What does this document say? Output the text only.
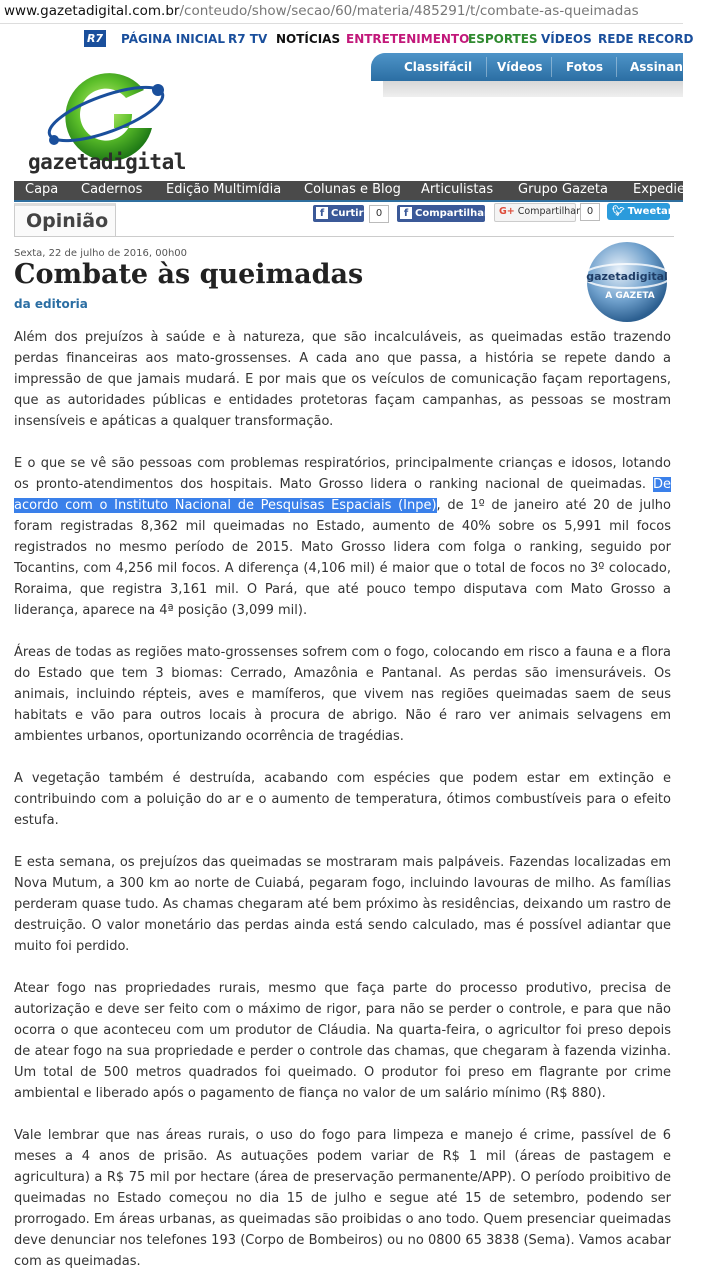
www.gazetadigital.com.br/conteudo/show/secao/60/materia/485291/t/combate-as-queimadas
R7 PÁGINA INICIAL R7 TV NOTÍCIAS ENTRETENIMENTO
ESPORTES VÍDEOS REDE RECORD
Classifácil Vídeos Fotos Assinante
gazetadigital
Capa Cadernos Edição Multimídia Colunas e Blog Articulistas Grupo Gazeta Expediente
Opinião	f Curtir	0	f Compartilhar	G+ Compartilhar 0	🐦︎ Tweetar
Sexta, 22 de julho de 2016, 00h00
Combate às queimadas
da editoria
gazetadigital
A GAZETA

Além dos prejuízos à saúde e à natureza, que são incalculáveis, as queimadas estão trazendo perdas financeiras aos mato-grossenses. A cada ano que passa, a história se repete dando a impressão de que jamais mudará. E por mais que os veículos de comunicação façam reportagens, que as autoridades públicas e entidades protetoras façam campanhas, as pessoas se mostram insensíveis e apáticas a qualquer transformação.

E o que se vê são pessoas com problemas respiratórios, principalmente crianças e idosos, lotando os pronto-atendimentos dos hospitais. Mato Grosso lidera o ranking nacional de queimadas. De acordo com o Instituto Nacional de Pesquisas Espaciais (Inpe), de 1º de janeiro até 20 de julho foram registradas 8,362 mil queimadas no Estado, aumento de 40% sobre os 5,991 mil focos registrados no mesmo período de 2015. Mato Grosso lidera com folga o ranking, seguido por Tocantins, com 4,256 mil focos. A diferença (4,106 mil) é maior que o total de focos no 3º colocado, Roraima, que registra 3,161 mil. O Pará, que até pouco tempo disputava com Mato Grosso a liderança, aparece na 4ª posição (3,099 mil).

Áreas de todas as regiões mato-grossenses sofrem com o fogo, colocando em risco a fauna e a flora do Estado que tem 3 biomas: Cerrado, Amazônia e Pantanal. As perdas são imensuráveis. Os animais, incluindo répteis, aves e mamíferos, que vivem nas regiões queimadas saem de seus habitats e vão para outros locais à procura de abrigo. Não é raro ver animais selvagens em ambientes urbanos, oportunizando ocorrência de tragédias.

A vegetação também é destruída, acabando com espécies que podem estar em extinção e contribuindo com a poluição do ar e o aumento de temperatura, ótimos combustíveis para o efeito estufa.

E esta semana, os prejuízos das queimadas se mostraram mais palpáveis. Fazendas localizadas em Nova Mutum, a 300 km ao norte de Cuiabá, pegaram fogo, incluindo lavouras de milho. As famílias perderam quase tudo. As chamas chegaram até bem próximo às residências, deixando um rastro de destruição. O valor monetário das perdas ainda está sendo calculado, mas é possível adiantar que muito foi perdido.

Atear fogo nas propriedades rurais, mesmo que faça parte do processo produtivo, precisa de autorização e deve ser feito com o máximo de rigor, para não se perder o controle, e para que não ocorra o que aconteceu com um produtor de Cláudia. Na quarta-feira, o agricultor foi preso depois de atear fogo na sua propriedade e perder o controle das chamas, que chegaram à fazenda vizinha. Um total de 500 metros quadrados foi queimado. O produtor foi preso em flagrante por crime ambiental e liberado após o pagamento de fiança no valor de um salário mínimo (R$ 880).

Vale lembrar que nas áreas rurais, o uso do fogo para limpeza e manejo é crime, passível de 6 meses a 4 anos de prisão. As autuações podem variar de R$ 1 mil (áreas de pastagem e agricultura) a R$ 75 mil por hectare (área de preservação permanente/APP). O período proibitivo de queimadas no Estado começou no dia 15 de julho e segue até 15 de setembro, podendo ser prorrogado. Em áreas urbanas, as queimadas são proibidas o ano todo. Quem presenciar queimadas deve denunciar nos telefones 193 (Corpo de Bombeiros) ou no 0800 65 3838 (Sema). Vamos acabar com as queimadas.
